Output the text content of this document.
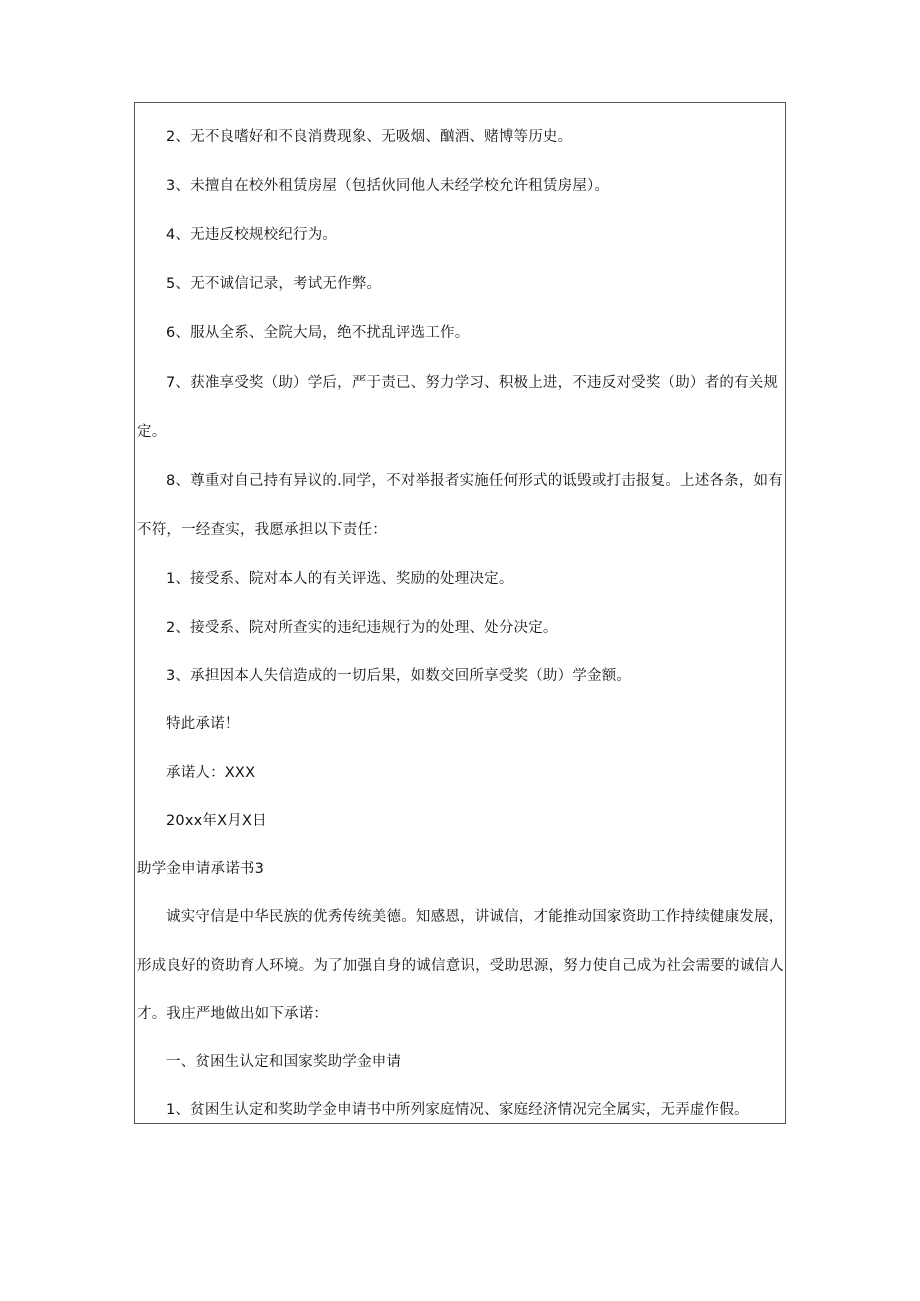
2、无不良嗜好和不良消费现象、无吸烟、酗酒、赌博等历史。
3、未擅自在校外租赁房屋（包括伙同他人未经学校允许租赁房屋）。
4、无违反校规校纪行为。
5、无不诚信记录，考试无作弊。
6、服从全系、全院大局，绝不扰乱评选工作。
7、获准享受奖（助）学后，严于责已、努力学习、积极上进，不违反对受奖（助）者的有关规
定。
8、尊重对自己持有异议的.同学，不对举报者实施任何形式的诋毁或打击报复。上述各条，如有
不符，一经查实，我愿承担以下责任：
1、接受系、院对本人的有关评选、奖励的处理决定。
2、接受系、院对所查实的违纪违规行为的处理、处分决定。
3、承担因本人失信造成的一切后果，如数交回所享受奖（助）学金额。
特此承诺！
承诺人：XXX
20xx年X月X日
助学金申请承诺书3
诚实守信是中华民族的优秀传统美德。知感恩，讲诚信，才能推动国家资助工作持续健康发展，
形成良好的资助育人环境。为了加强自身的诚信意识，受助思源，努力使自己成为社会需要的诚信人
才。我庄严地做出如下承诺：
一、贫困生认定和国家奖助学金申请
1、贫困生认定和奖助学金申请书中所列家庭情况、家庭经济情况完全属实，无弄虚作假。
